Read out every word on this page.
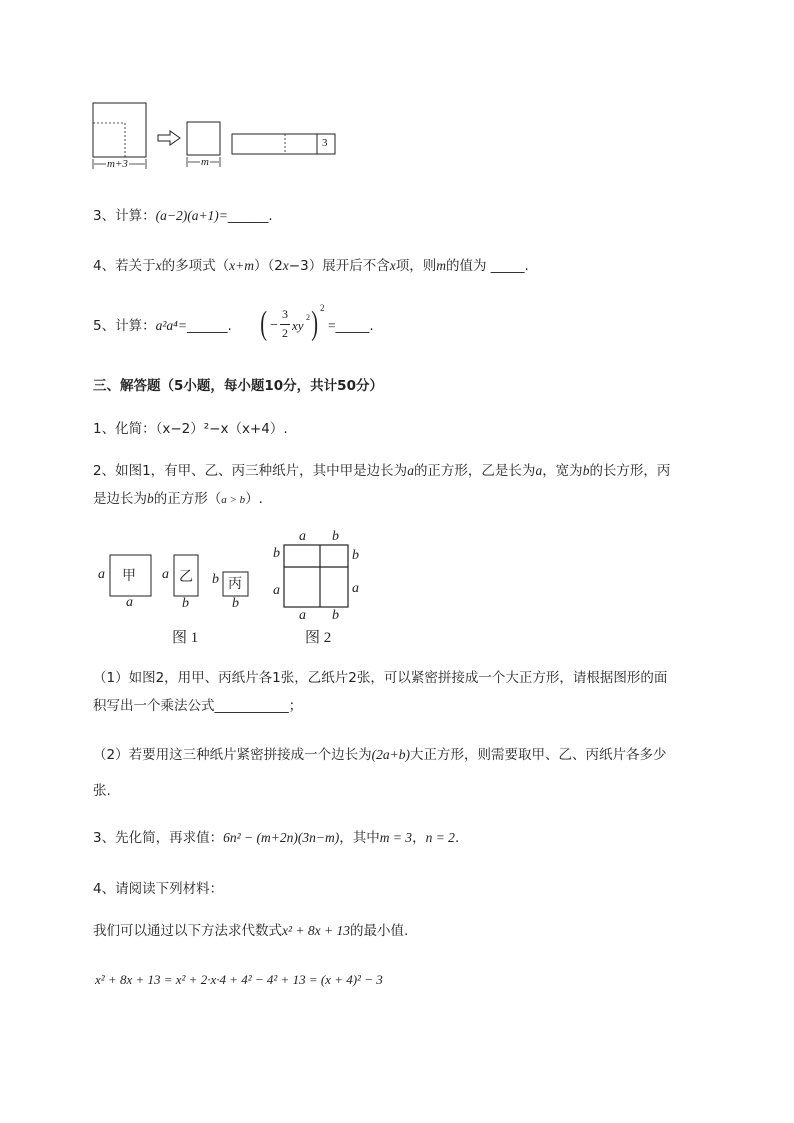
m+3	m
3
3、计算：(a−2)(a+1)=______.
4、若关于x的多项式（x+m）（2x−3）展开后不含x项，则m的值为 _____.
5、计算：a²a⁴=______. ( −
3
2 xy
2 ) 2
=_____.
三、解答题（5小题，每小题10分，共计50分）
1、化简：（x−2）²−x（x+4）.
2、如图1，有甲、乙、丙三种纸片，其中甲是边长为a的正方形，乙是长为a，宽为b的长方形，丙
是边长为b的正方形（a > b）.
甲	乙	丙
a
a
a
b
b
b
图 1
a b
b	b
a	a
a b
图 2
（1）如图2，用甲、丙纸片各1张，乙纸片2张，可以紧密拼接成一个大正方形，请根据图形的面
积写出一个乘法公式___________；
（2）若要用这三种纸片紧密拼接成一个边长为(2a+b)大正方形，则需要取甲、乙、丙纸片各多少
张.
3、先化简，再求值：6n² − (m+2n)(3n−m)，其中m = 3，n = 2.
4、请阅读下列材料：
我们可以通过以下方法求代数式x² + 8x + 13的最小值.
x² + 8x + 13 = x² + 2·x·4 + 4² − 4² + 13 = (x + 4)² − 3
